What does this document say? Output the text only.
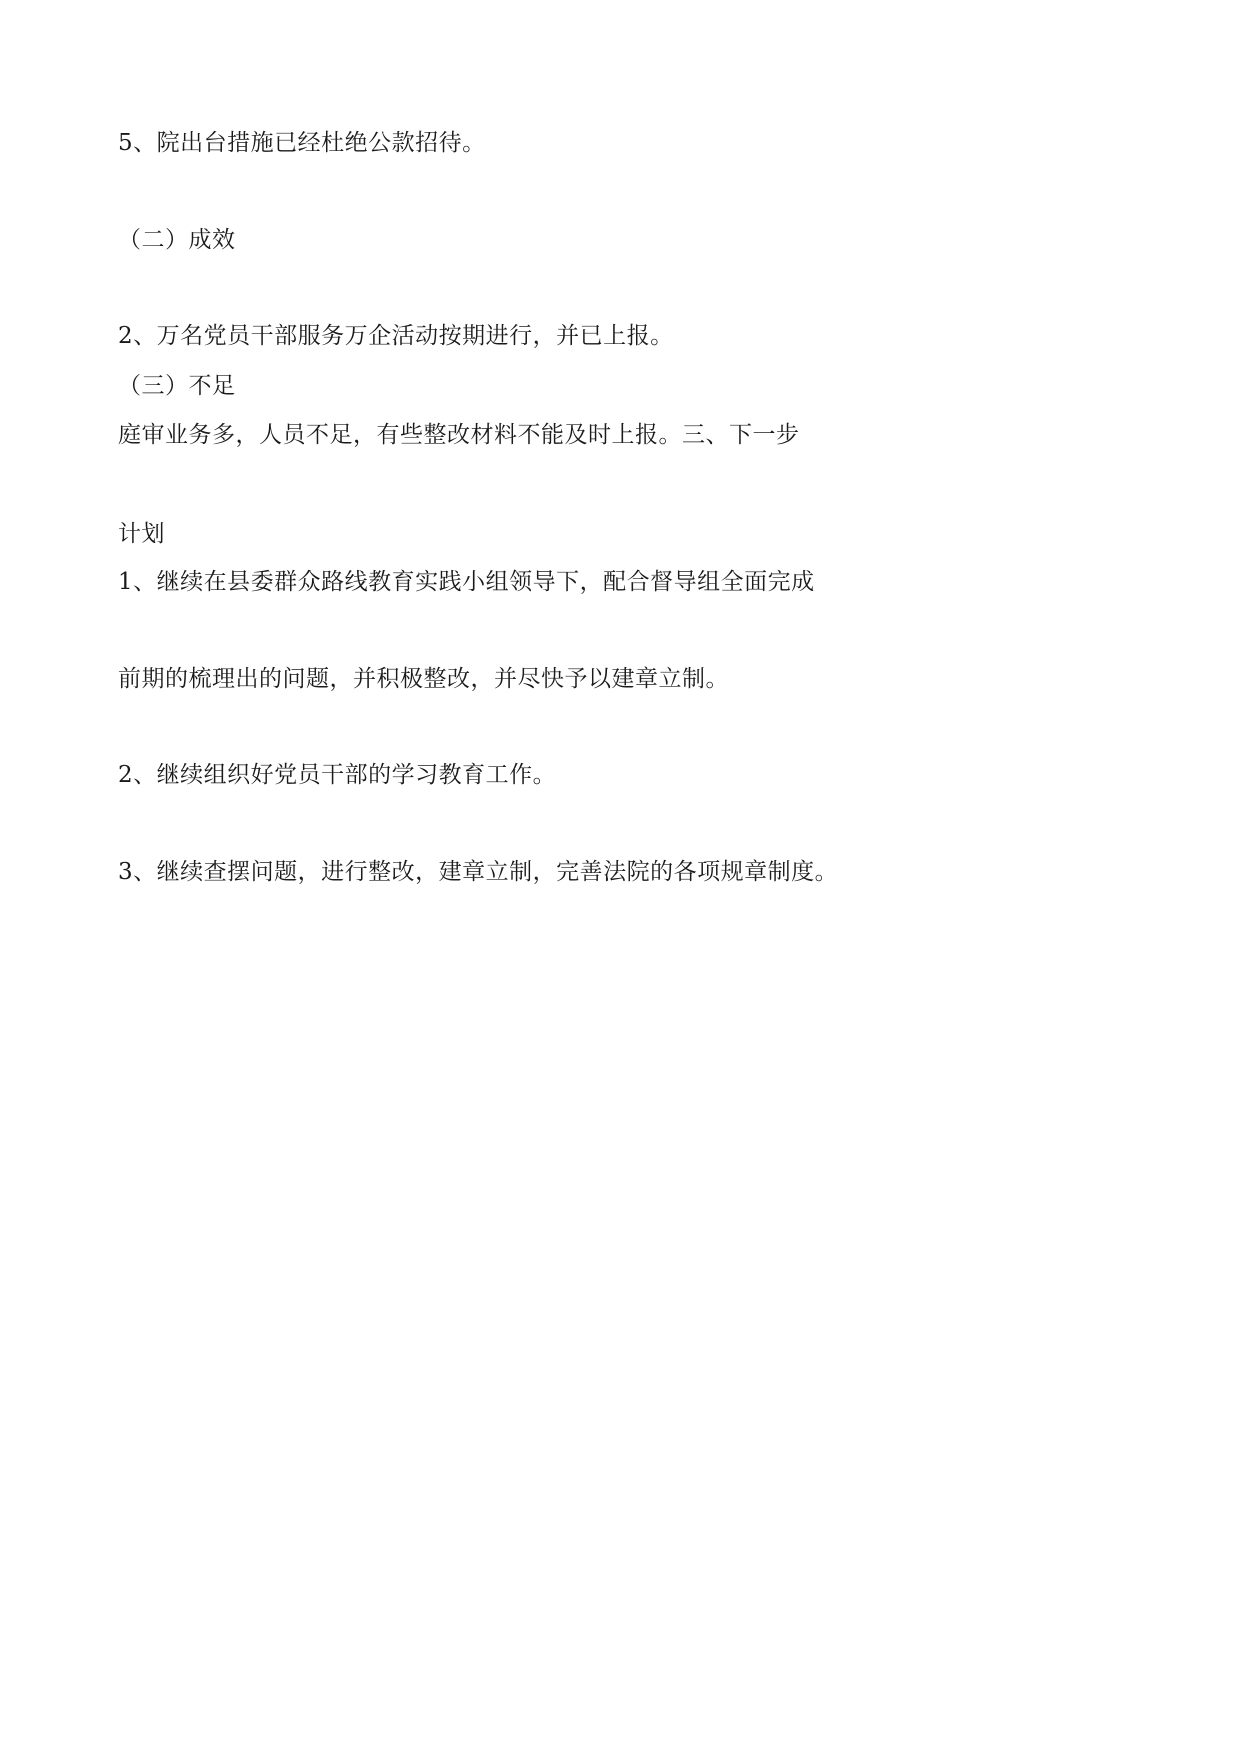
5、院出台措施已经杜绝公款招待。
（二）成效
2、万名党员干部服务万企活动按期进行，并已上报。
（三）不足
庭审业务多，人员不足，有些整改材料不能及时上报。三、下一步
计划
1、继续在县委群众路线教育实践小组领导下，配合督导组全面完成
前期的梳理出的问题，并积极整改，并尽快予以建章立制。
2、继续组织好党员干部的学习教育工作。
3、继续查摆问题，进行整改，建章立制，完善法院的各项规章制度。
